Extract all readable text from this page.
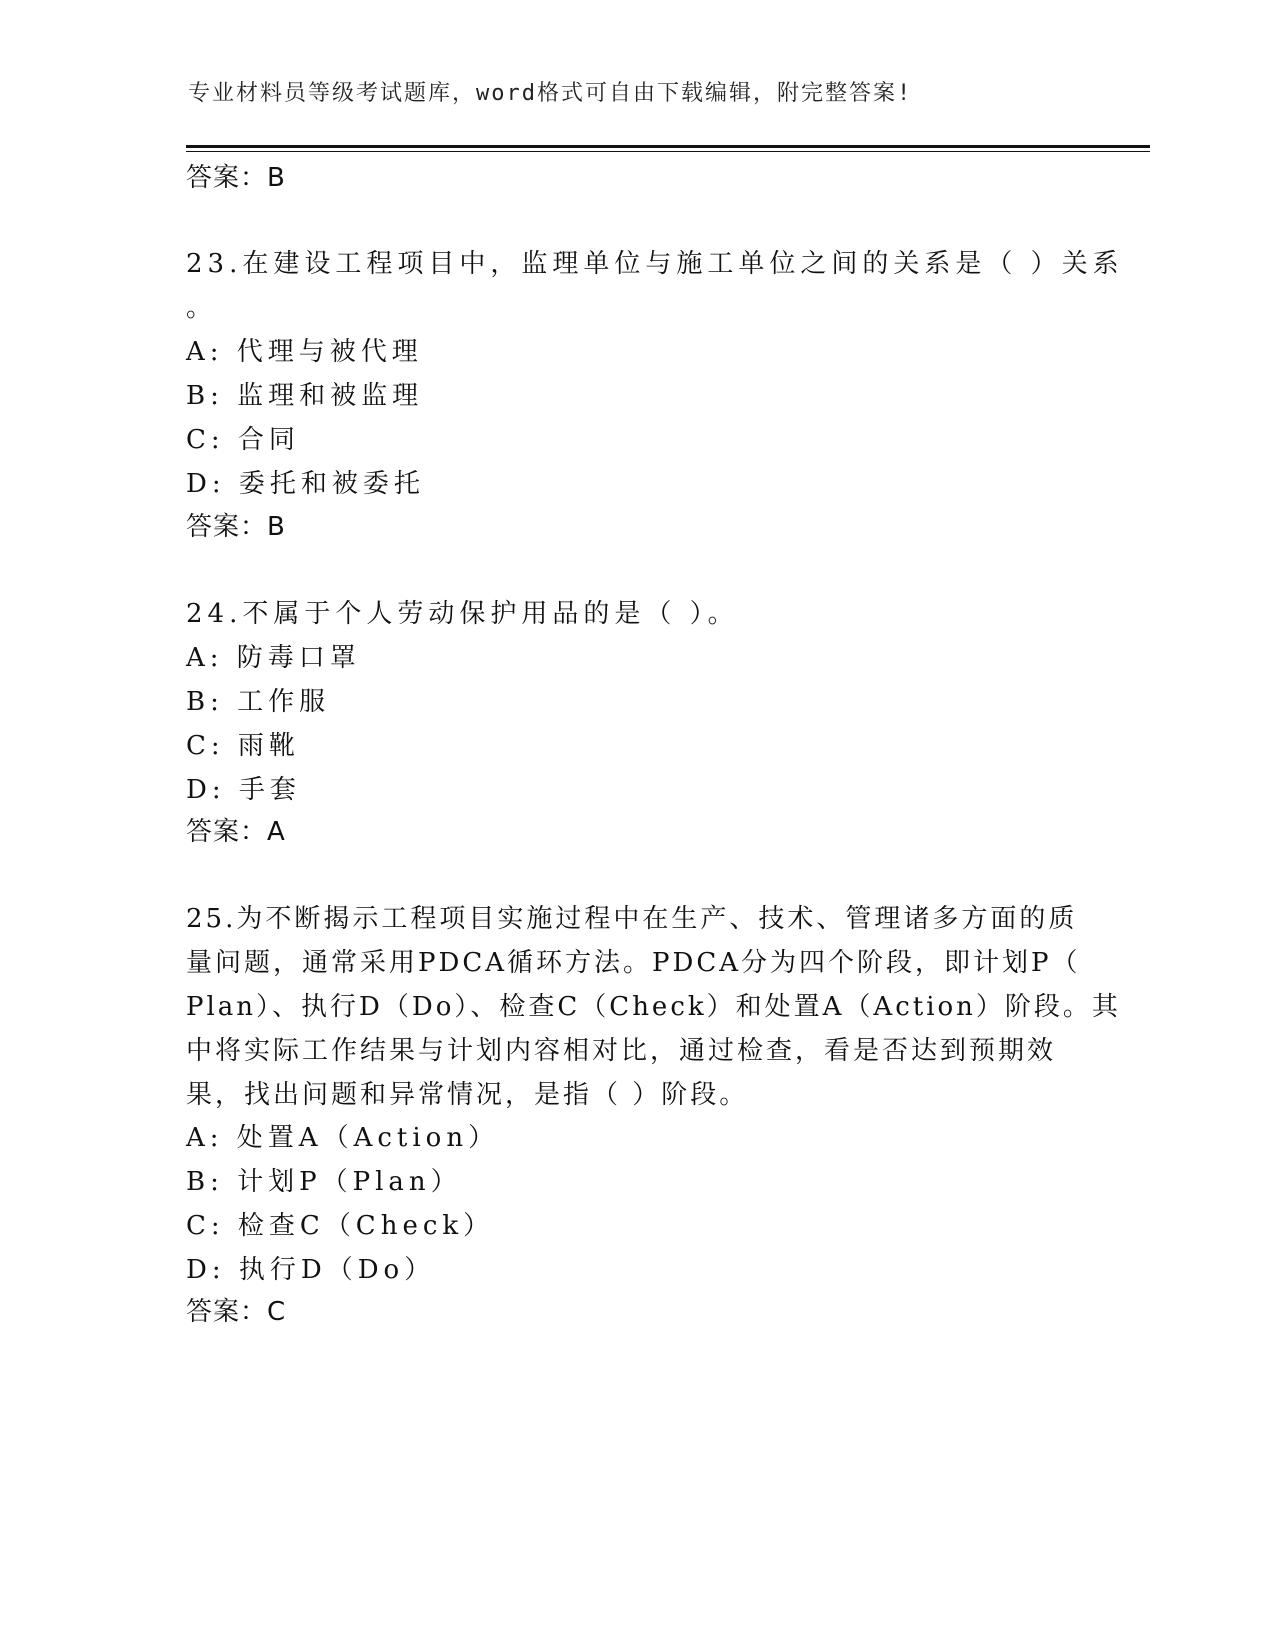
专业材料员等级考试题库，word格式可自由下载编辑，附完整答案!
答案：B
23.在建设工程项目中，监理单位与施工单位之间的关系是（ ）关系
。
A: 代理与被代理
B: 监理和被监理
C: 合同
D: 委托和被委托
答案：B
24.不属于个人劳动保护用品的是（ ）。
A: 防毒口罩
B: 工作服
C: 雨靴
D: 手套
答案：A
25.为不断揭示工程项目实施过程中在生产、技术、管理诸多方面的质
量问题，通常采用PDCA循环方法。PDCA分为四个阶段，即计划P（
Plan）、执行D（Do）、检查C（Check）和处置A（Action）阶段。其
中将实际工作结果与计划内容相对比，通过检查，看是否达到预期效
果，找出问题和异常情况，是指（ ）阶段。
A: 处置A（Action）
B: 计划P（Plan）
C: 检查C（Check）
D: 执行D（Do）
答案：C
